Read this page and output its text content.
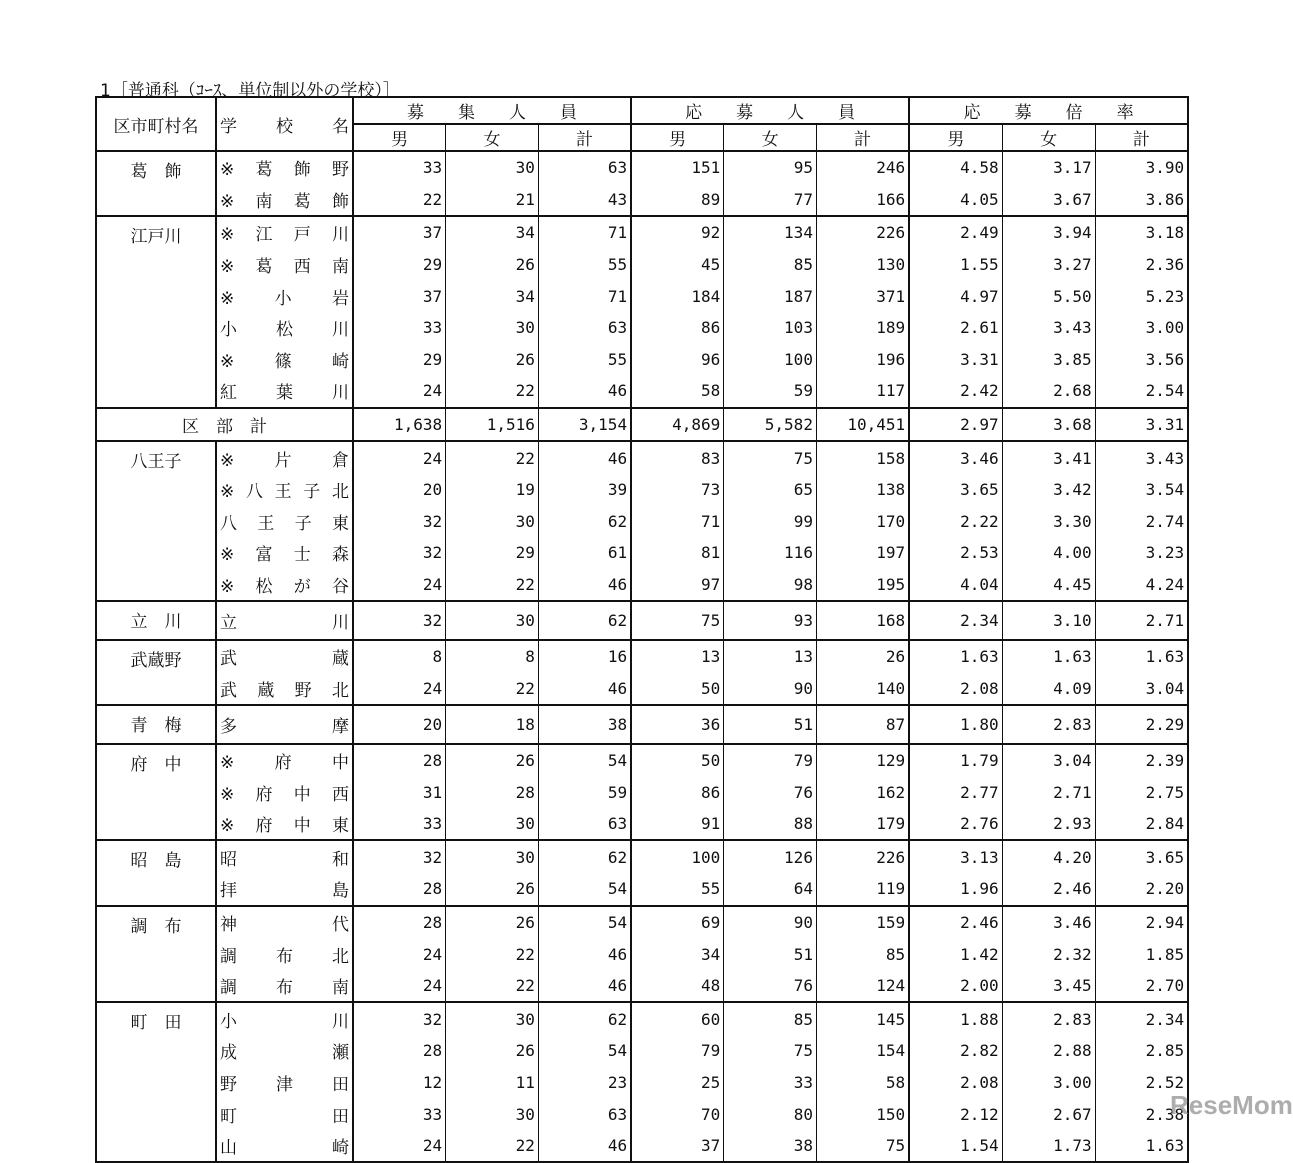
1［普通科（ｺｰｽ、単位制以外の学校）］
区市町村名	学　　校　　名	募　　集　　人　　員			応　　募　　人　　員			応　　募　　倍　　率		
		男	女	計	男	女	計	男	女	計
葛　飾	※ 葛 飾 野	33	30	63	151	95	246	4.58	3.17	3.90
	※ 南 葛 飾	22	21	43	89	77	166	4.05	3.67	3.86
江戸川	※ 江 戸 川	37	34	71	92	134	226	2.49	3.94	3.18
	※ 葛 西 南	29	26	55	45	85	130	1.55	3.27	2.36
	※ 小 岩	37	34	71	184	187	371	4.97	5.50	5.23
	小 松 川	33	30	63	86	103	189	2.61	3.43	3.00
	※ 篠 崎	29	26	55	96	100	196	3.31	3.85	3.56
	紅 葉 川	24	22	46	58	59	117	2.42	2.68	2.54
区　部　計		1,638	1,516	3,154	4,869	5,582	10,451	2.97	3.68	3.31
八王子	※ 片 倉	24	22	46	83	75	158	3.46	3.41	3.43
	※ 八 王 子 北	20	19	39	73	65	138	3.65	3.42	3.54
	八 王 子 東	32	30	62	71	99	170	2.22	3.30	2.74
	※ 富 士 森	32	29	61	81	116	197	2.53	4.00	3.23
	※ 松 が 谷	24	22	46	97	98	195	4.04	4.45	4.24
立　川	立 川	32	30	62	75	93	168	2.34	3.10	2.71
武蔵野	武 蔵	8	8	16	13	13	26	1.63	1.63	1.63
	武 蔵 野 北	24	22	46	50	90	140	2.08	4.09	3.04
青　梅	多 摩	20	18	38	36	51	87	1.80	2.83	2.29
府　中	※ 府 中	28	26	54	50	79	129	1.79	3.04	2.39
	※ 府 中 西	31	28	59	86	76	162	2.77	2.71	2.75
	※ 府 中 東	33	30	63	91	88	179	2.76	2.93	2.84
昭　島	昭 和	32	30	62	100	126	226	3.13	4.20	3.65
	拝 島	28	26	54	55	64	119	1.96	2.46	2.20
調　布	神 代	28	26	54	69	90	159	2.46	3.46	2.94
	調 布 北	24	22	46	34	51	85	1.42	2.32	1.85
	調 布 南	24	22	46	48	76	124	2.00	3.45	2.70
町　田	小 川	32	30	62	60	85	145	1.88	2.83	2.34
	成 瀬	28	26	54	79	75	154	2.82	2.88	2.85
	野 津 田	12	11	23	25	33	58	2.08	3.00	2.52
	町 田	33	30	63	70	80	150	2.12	2.67	2.38
	山 崎	24	22	46	37	38	75	1.54	1.73	1.63

ReseMom
